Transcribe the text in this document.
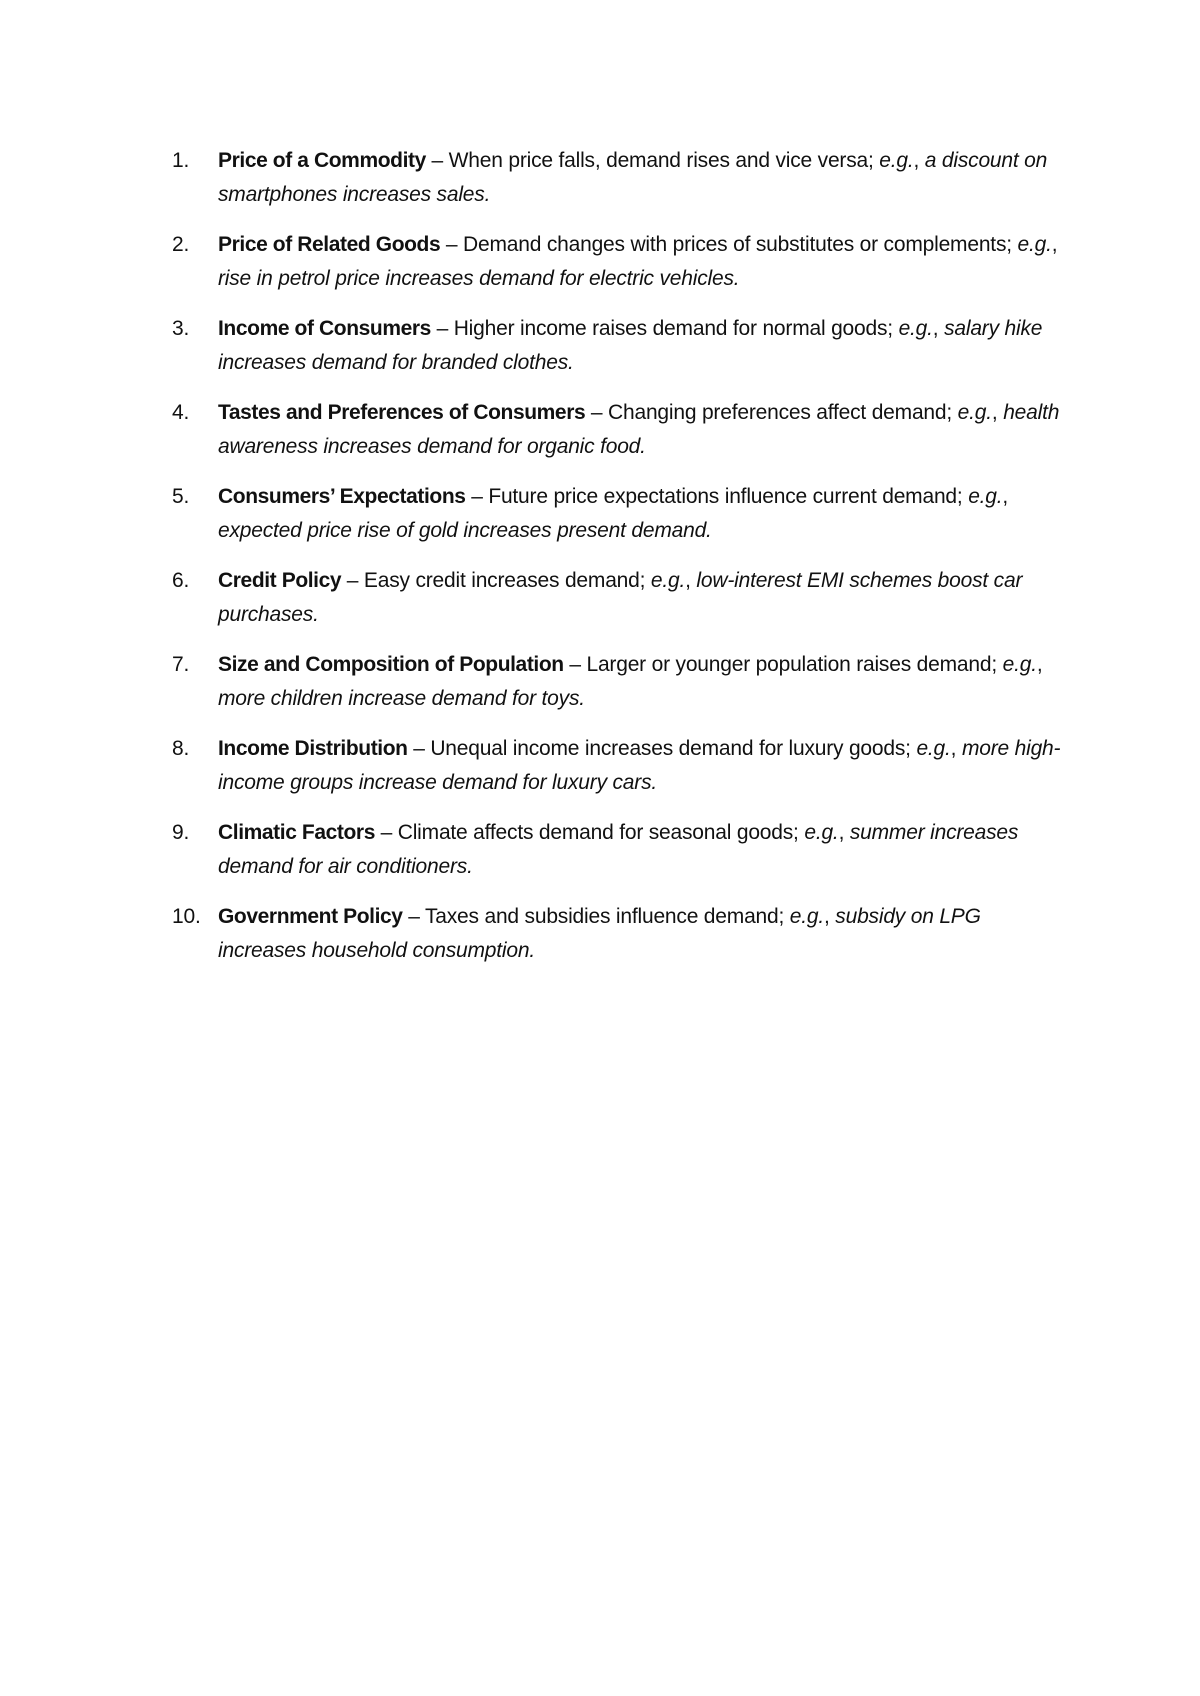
1.	Price of a Commodity – When price falls, demand rises and vice versa; e.g., a discount on smartphones increases sales.
2.	Price of Related Goods – Demand changes with prices of substitutes or complements; e.g., rise in petrol price increases demand for electric vehicles.
3.	Income of Consumers – Higher income raises demand for normal goods; e.g., salary hike increases demand for branded clothes.
4.	Tastes and Preferences of Consumers – Changing preferences affect demand; e.g., health awareness increases demand for organic food.
5.	Consumers’ Expectations – Future price expectations influence current demand; e.g., expected price rise of gold increases present demand.
6.	Credit Policy – Easy credit increases demand; e.g., low-interest EMI schemes boost car purchases.
7.	Size and Composition of Population – Larger or younger population raises demand; e.g., more children increase demand for toys.
8.	Income Distribution – Unequal income increases demand for luxury goods; e.g., more high-income groups increase demand for luxury cars.
9.	Climatic Factors – Climate affects demand for seasonal goods; e.g., summer increases demand for air conditioners.
10. Government Policy – Taxes and subsidies influence demand; e.g., subsidy on LPG increases household consumption.
